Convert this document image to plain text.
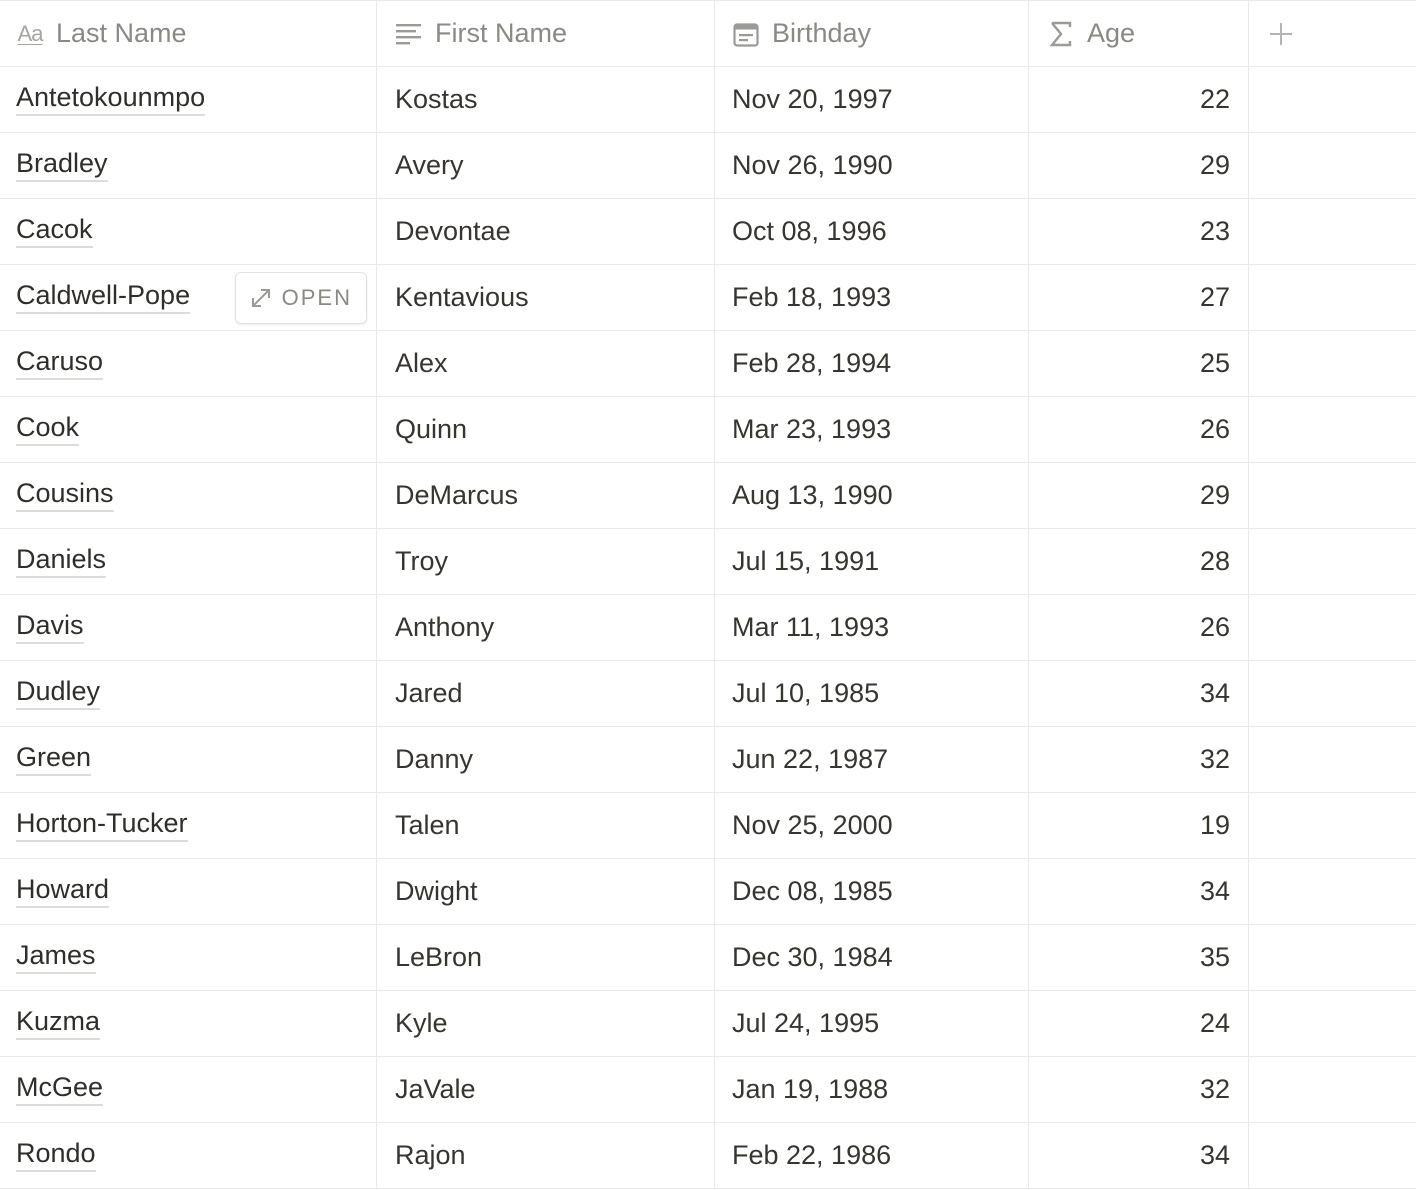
Aa Last Name	First Name	Birthday	Age
Antetokounmpo	Kostas	Nov 20, 1997	22
Bradley	Avery	Nov 26, 1990	29
Cacok	Devontae	Oct 08, 1996	23
Caldwell-Pope	OPEN Kentavious	Feb 18, 1993	27
Caruso	Alex	Feb 28, 1994	25
Cook	Quinn	Mar 23, 1993	26
Cousins	DeMarcus	Aug 13, 1990	29
Daniels	Troy	Jul 15, 1991	28
Davis	Anthony	Mar 11, 1993	26
Dudley	Jared	Jul 10, 1985	34
Green	Danny	Jun 22, 1987	32
Horton-Tucker	Talen	Nov 25, 2000	19
Howard	Dwight	Dec 08, 1985	34
James	LeBron	Dec 30, 1984	35
Kuzma	Kyle	Jul 24, 1995	24
McGee	JaVale	Jan 19, 1988	32
Rondo	Rajon	Feb 22, 1986	34
